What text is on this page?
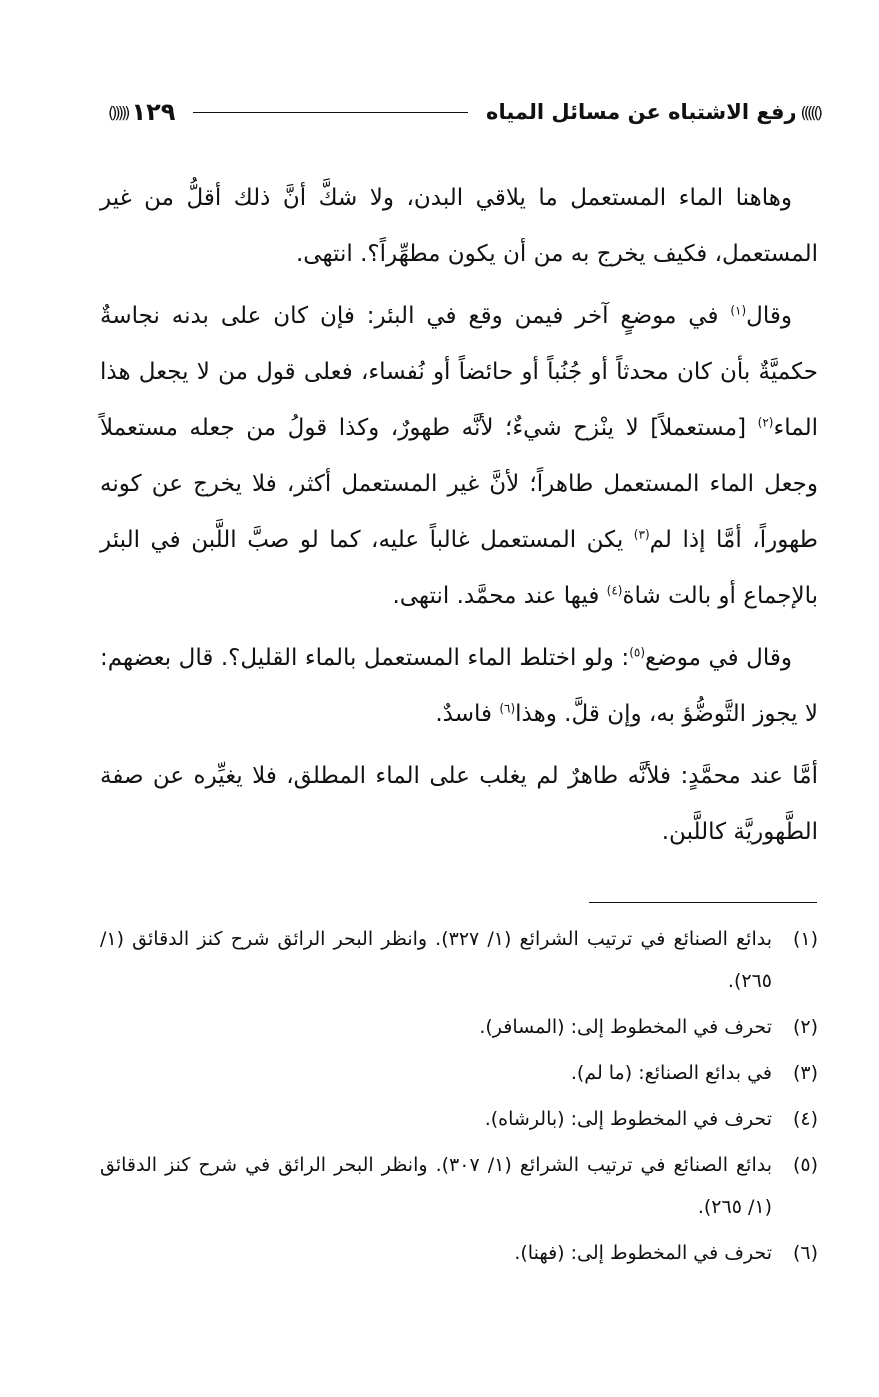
((((()
رفع الاشتباه عن مسائل المياه
١٢٩
()))))

وهاهنا الماء المستعمل ما يلاقي البدن، ولا شكَّ أنَّ ذلك أقلُّ من غير المستعمل، فكيف يخرج به من أن يكون مطهِّراً؟. انتهى.

وقال$^{(١)}$ في موضعٍ آخر فيمن وقع في البئر: فإن كان على بدنه نجاسةٌ حكميَّةٌ بأن كان محدثاً أو جُنُباً أو حائضاً أو نُفساء، فعلى قول من لا يجعل هذا الماء$^{(٢)}$ [مستعملاً] لا ينْزح شيءٌ؛ لأنَّه طهورٌ، وكذا قولُ من جعله مستعملاً وجعل الماء المستعمل طاهراً؛ لأنَّ غير المستعمل أكثر، فلا يخرج عن كونه طهوراً، أمَّا إذا لم$^{(٣)}$ يكن المستعمل غالباً عليه، كما لو صبَّ اللَّبن في البئر بالإجماع أو بالت شاة$^{(٤)}$ فيها عند محمَّد. انتهى.

وقال في موضع$^{(٥)}$: ولو اختلط الماء المستعمل بالماء القليل؟. قال بعضهم: لا يجوز التَّوضُّؤ به، وإن قلَّ. وهذا$^{(٦)}$ فاسدٌ.

أمَّا عند محمَّدٍ: فلأنَّه طاهرٌ لم يغلب على الماء المطلق، فلا يغيِّره عن صفة الطَّهوريَّة كاللَّبن.

(١)
بدائع الصنائع في ترتيب الشرائع (١/ ٣٢٧). وانظر البحر الرائق شرح كنز الدقائق (١/ ٢٦٥).
(٢)
تحرف في المخطوط إلى: (المسافر).
(٣)
في بدائع الصنائع: (ما لم).
(٤)
تحرف في المخطوط إلى: (بالرشاه).
(٥)
بدائع الصنائع في ترتيب الشرائع (١/ ٣٠٧). وانظر البحر الرائق في شرح كنز الدقائق (١/ ٢٦٥).
(٦)
تحرف في المخطوط إلى: (فهنا).
